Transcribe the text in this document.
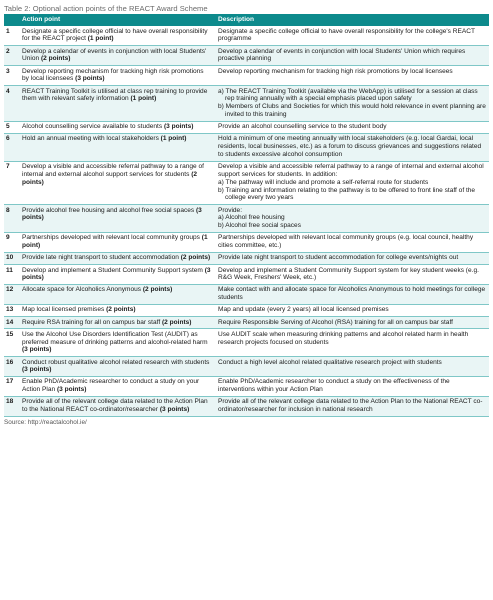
Table 2: Optional action points of the REACT Award Scheme
	Action point	Description
1	Designate a specific college official to have overall responsibility for the REACT project (1 point)	Designate a specific college official to have overall responsibility for the college's REACT programme

2	Develop a calendar of events in conjunction with local Students' Union (2 points)	Develop a calendar of events in conjunction with local Students' Union which requires proactive planning

3	Develop reporting mechanism for tracking high risk promotions by local licensees (3 points)	Develop reporting mechanism for tracking high risk promotions by local licensees

4	REACT Training Toolkit is utilised at class rep training to provide them with relevant safety information (1 point)	a) The REACT Training Toolkit (available via the WebApp) is utilised for a session at class rep training annually with a special emphasis placed upon safety
b) Members of Clubs and Societies for which this would hold relevance in event planning are invited to this training

5	Alcohol counselling service available to students (3 points)	Provide an alcohol counselling service to the student body

6	Hold an annual meeting with local stakeholders (1 point)	Hold a minimum of one meeting annually with local stakeholders (e.g. local Gardai, local residents, local businesses, etc.) as a forum to discuss grievances and suggestions related to students excessive alcohol consumption

7	Develop a visible and accessible referral pathway to a range of internal and external alcohol support services for students (2 points)	Develop a visible and accessible referral pathway to a range of internal and external alcohol support services for students. In addition:
a) The pathway will include and promote a self-referral route for students
b) Training and information relating to the pathway is to be offered to front line staff of the college every two years

8	Provide alcohol free housing and alcohol free social spaces (3 points)	Provide:
a) Alcohol free housing
b) Alcohol free social spaces

9	Partnerships developed with relevant local community groups (1 point)	Partnerships developed with relevant local community groups (e.g. local council, healthy cities committee, etc.)

10	Provide late night transport to student accommodation (2 points)	Provide late night transport to student accommodation for college events/nights out

11	Develop and implement a Student Community Support system (3 points)	Develop and implement a Student Community Support system for key student weeks (e.g. R&G Week, Freshers' Week, etc.)

12	Allocate space for Alcoholics Anonymous (2 points)	Make contact with and allocate space for Alcoholics Anonymous to hold meetings for college students

13	Map local licensed premises (2 points)	Map and update (every 2 years) all local licensed premises

14	Require RSA training for all on campus bar staff (2 points)	Require Responsible Serving of Alcohol (RSA) training for all on campus bar staff

15	Use the Alcohol Use Disorders Identification Test (AUDIT) as preferred measure of drinking patterns and alcohol-related harm (3 points)	Use AUDIT scale when measuring drinking patterns and alcohol related harm in health research projects focused on students

16	Conduct robust qualitative alcohol related research with students (3 points)	Conduct a high level alcohol related qualitative research project with students

17	Enable PhD/Academic researcher to conduct a study on your Action Plan (3 points)	Enable PhD/Academic researcher to conduct a study on the effectiveness of the interventions within your Action Plan

18	Provide all of the relevant college data related to the Action Plan to the National REACT co-ordinator/researcher (3 points)	Provide all of the relevant college data related to the Action Plan to the National REACT co-ordinator/researcher for inclusion in national research
Source: http://reactalcohol.ie/
